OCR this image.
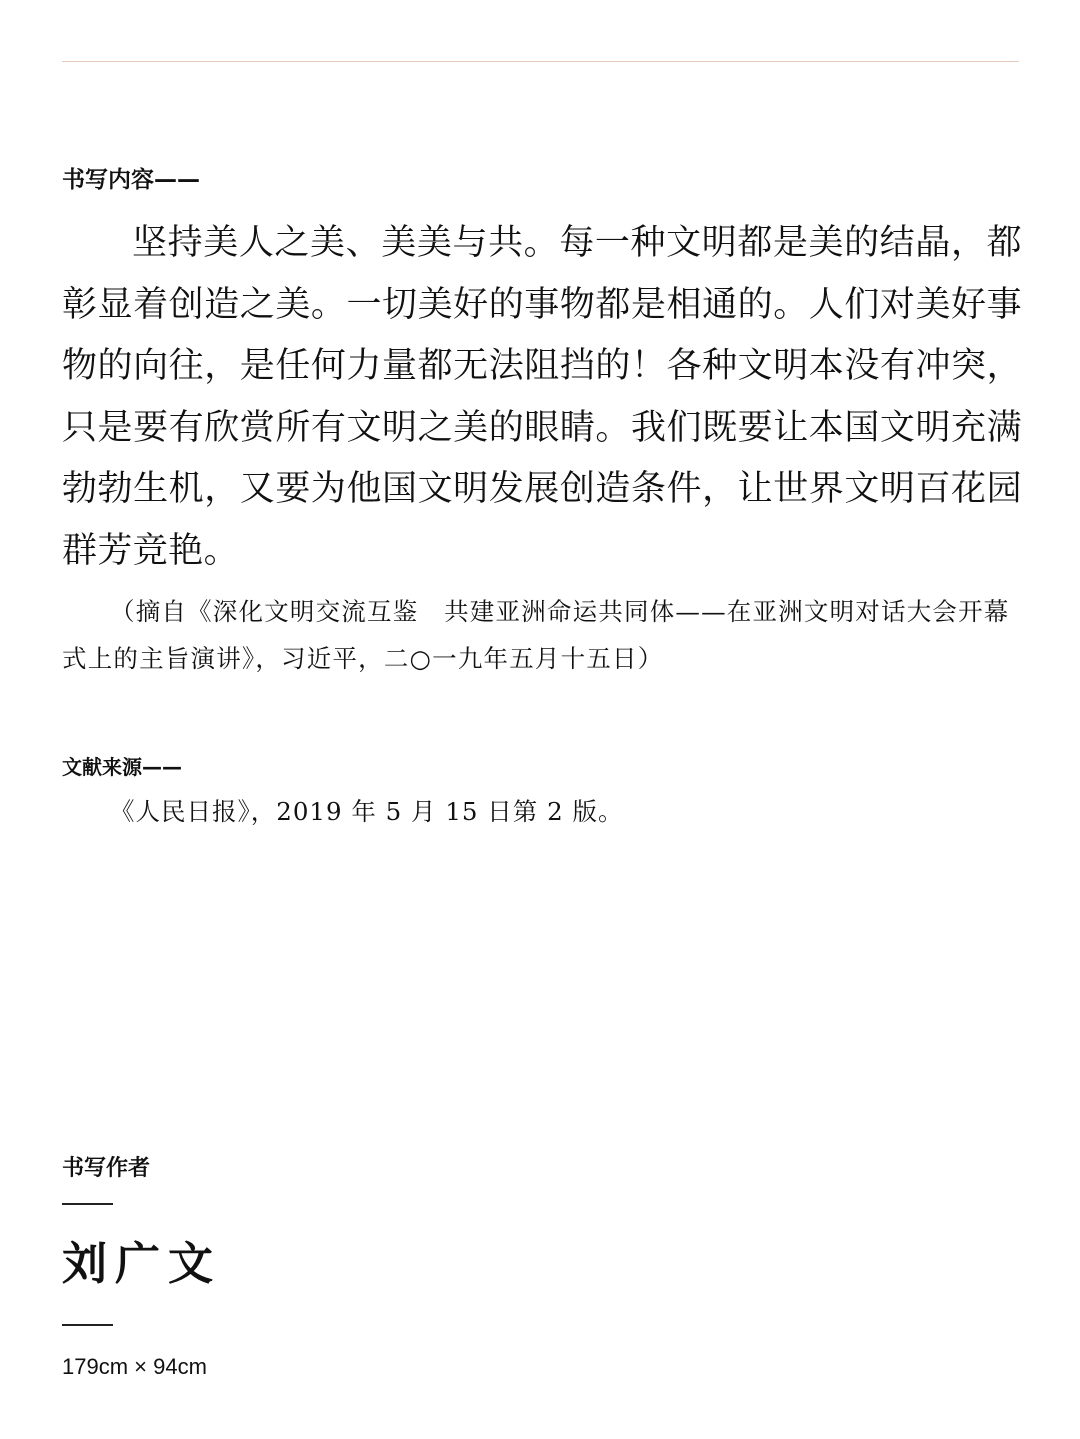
书写内容——

坚持美人之美、美美与共。每一种文明都是美的结晶，都彰显着创造之美。一切美好的事物都是相通的。人们对美好事物的向往，是任何力量都无法阻挡的！各种文明本没有冲突，只是要有欣赏所有文明之美的眼睛。我们既要让本国文明充满勃勃生机，又要为他国文明发展创造条件，让世界文明百花园群芳竞艳。

（摘自《深化文明交流互鉴　共建亚洲命运共同体——在亚洲文明对话大会开幕式上的主旨演讲》，习近平，二○一九年五月十五日）

文献来源——

《人民日报》，2019 年 5 月 15 日第 2 版。

书写作者
刘广文
179cm × 94cm
